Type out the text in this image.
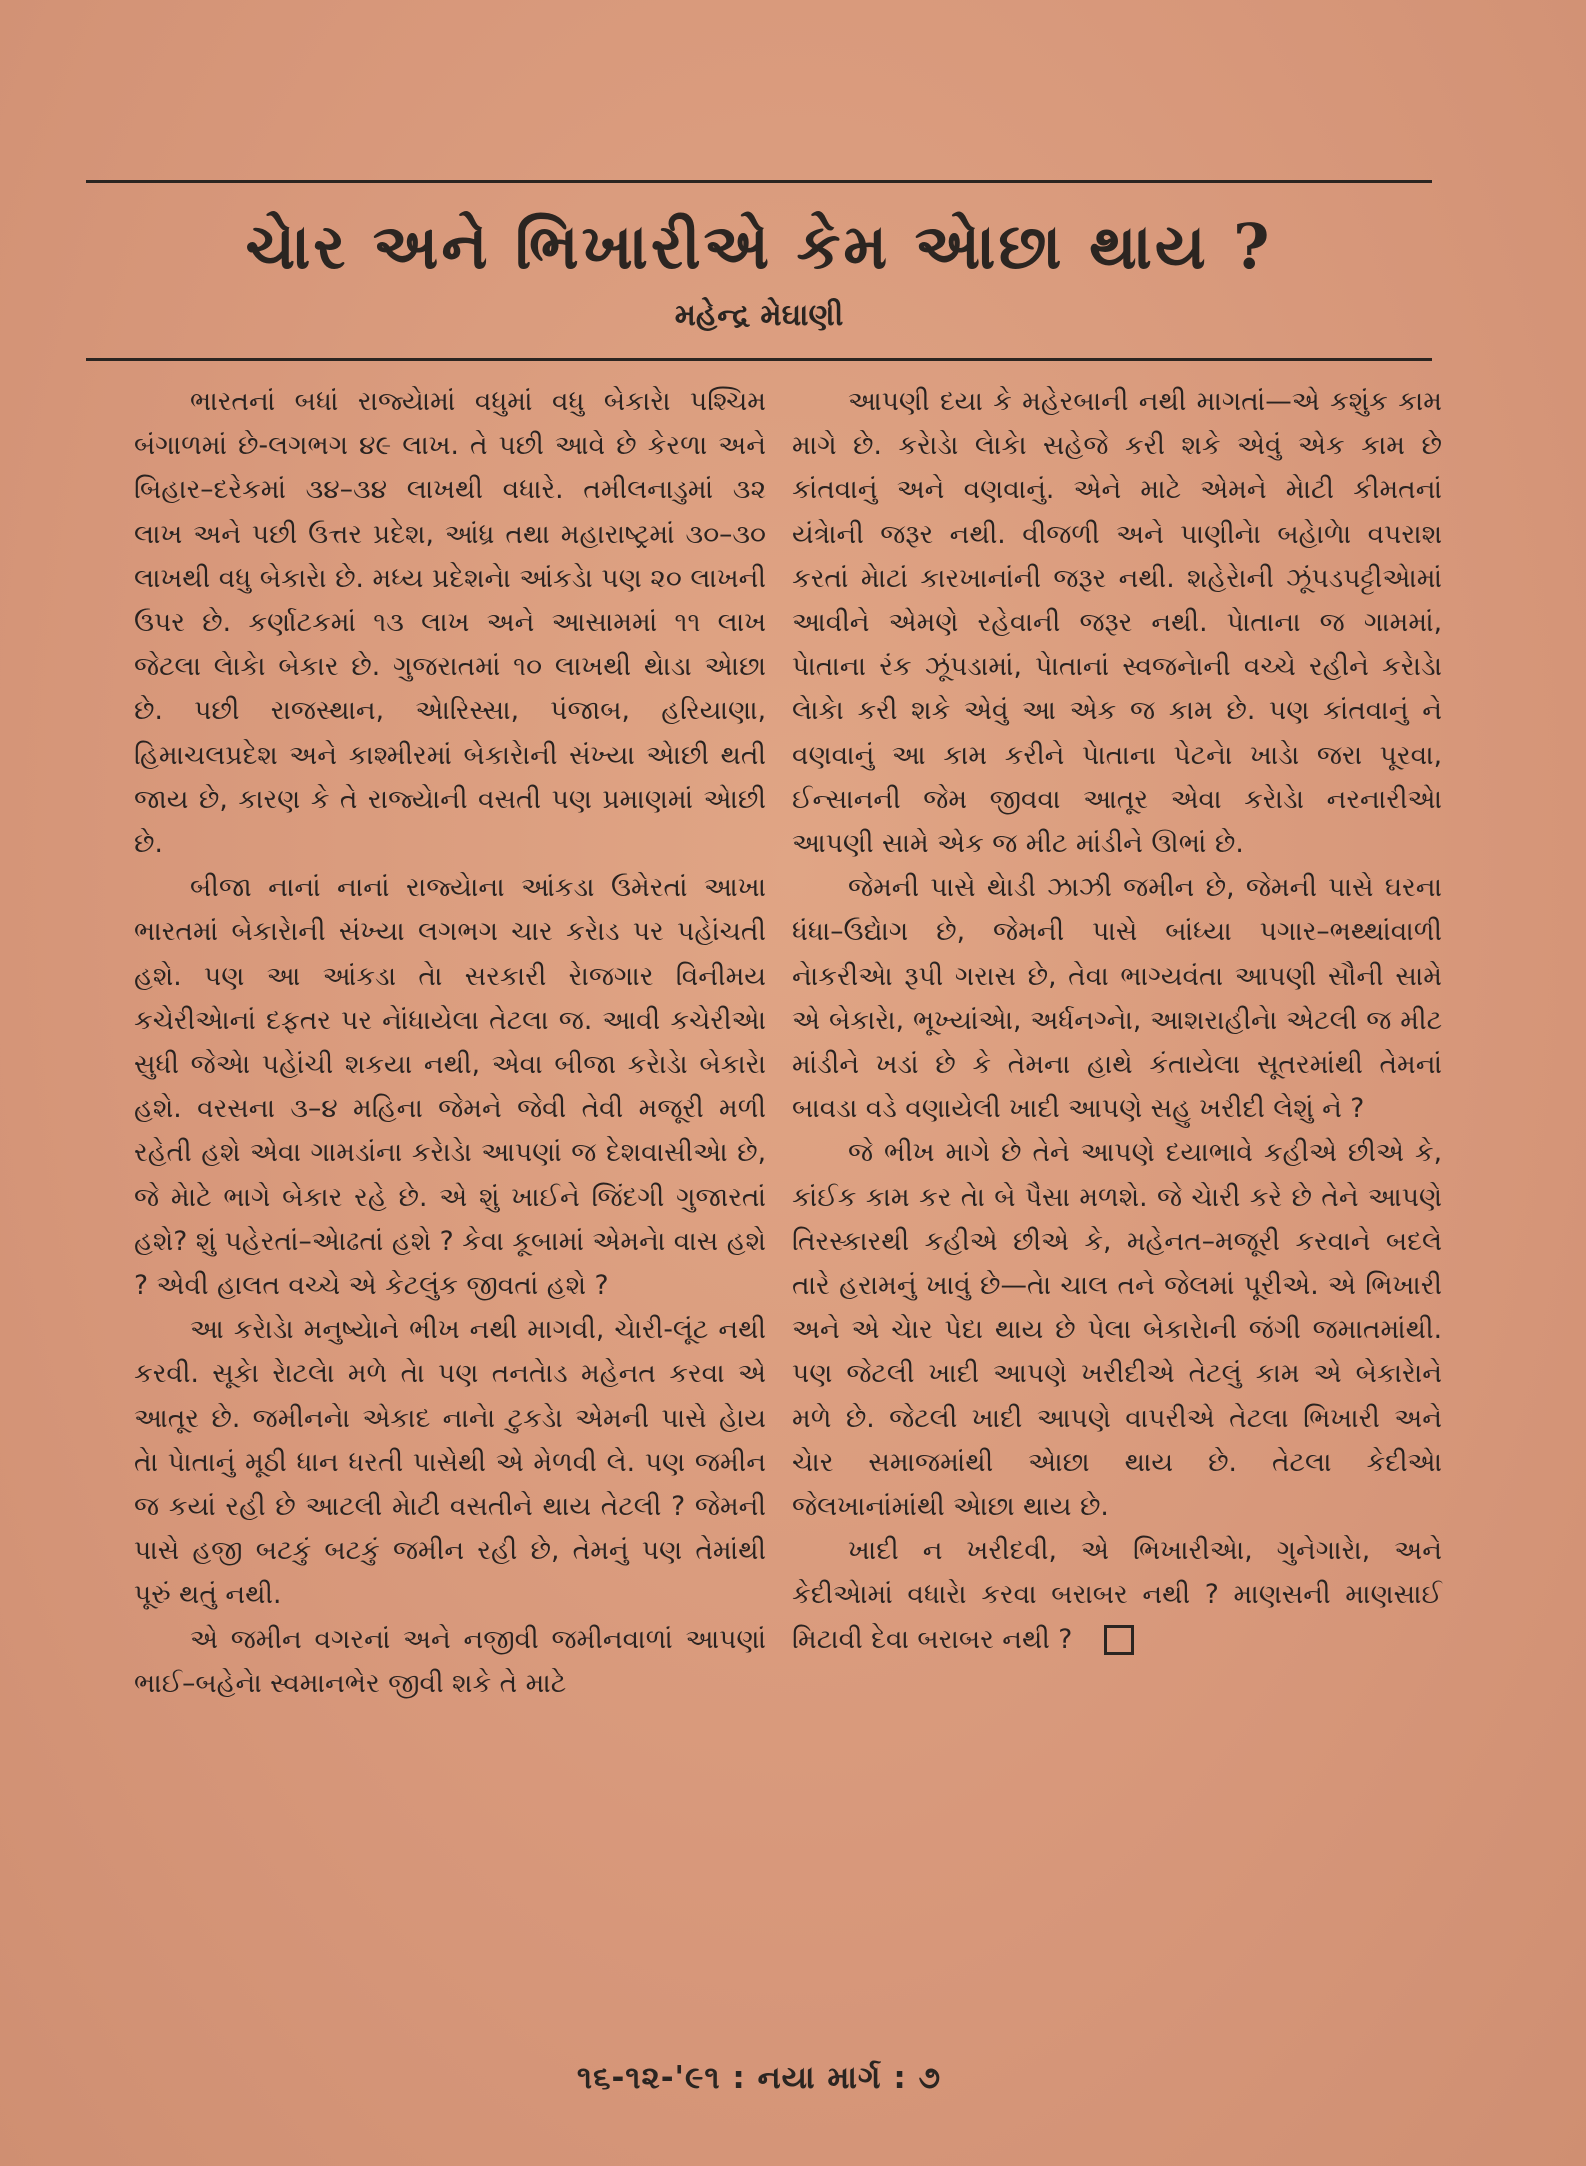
ચેાર અને ભિખારીએ કેમ એાછા થાય ?
મહેન્દ્ર મેઘાણી

ભારતનાં બધાં રાજ્યેામાં વધુમાં વધુ બેકારેા પશ્ચિમ બંગાળમાં છે-લગભગ ૪૯ લાખ. તે પછી આવે છે કેરળા અને બિહાર–દરેકમાં ૩૪–૩૪ લાખથી વધારે. તમીલનાડુમાં ૩૨ લાખ અને પછી ઉત્તર પ્રદેશ, આંધ્ર તથા મહારાષ્ટ્રમાં ૩૦–૩૦ લાખથી વધુ બેકારેા છે. મધ્ય પ્રદેશનેા આંકડેા પણ ૨૦ લાખની ઉપર છે. કર્ણાટકમાં ૧૩ લાખ અને આસામમાં ૧૧ લાખ જેટલા લેાકેા બેકાર છે. ગુજરાતમાં ૧૦ લાખથી થેાડા એાછા છે. પછી રાજસ્થાન, એારિસ્સા, પંજાબ, હરિયાણા, હિમાચલપ્રદેશ અને કાશ્મીરમાં બેકારેાની સંખ્યા એાછી થતી જાય છે, કારણ કે તે રાજ્યેાની વસતી પણ પ્રમાણમાં એાછી છે.

બીજા નાનાં નાનાં રાજ્યેાના આંકડા ઉમેરતાં આખા ભારતમાં બેકારેાની સંખ્યા લગભગ ચાર કરેાડ પર પહેાંચતી હશે. પણ આ આંકડા તેા સરકારી રેાજગાર વિનીમય કચેરીએાનાં દફતર પર નેાંધાયેલા તેટલા જ. આવી કચેરીએા સુધી જેએા પહેાંચી શકયા નથી, એવા બીજા કરેાડેા બેકારેા હશે. વરસના ૩–૪ મહિના જેમને જેવી તેવી મજૂરી મળી રહેતી હશે એવા ગામડાંના કરેાડેા આપણાં જ દેશવાસીએા છે, જે મેાટે ભાગે બેકાર રહે છે. એ શું ખાઈને જિંદગી ગુજારતાં હશે? શું પહેરતાં–એાઢતાં હશે ? કેવા કૂબામાં એમનેા વાસ હશે ? એવી હાલત વચ્ચે એ કેટલુંક જીવતાં હશે ?

આ કરેાડેા મનુષ્યેાને ભીખ નથી માગવી, ચેારી-લૂંટ નથી કરવી. સૂકેા રેાટલેા મળે તેા પણ તનતેાડ મહેનત કરવા એ આતૂર છે. જમીનનેા એકાદ નાનેા ટુકડેા એમની પાસે હેાય તેા પેાતાનું મૂઠી ધાન ધરતી પાસેથી એ મેળવી લે. પણ જમીન જ કયાં રહી છે આટલી મેાટી વસતીને થાય તેટલી ? જેમની પાસે હજી બટકું બટકું જમીન રહી છે, તેમનું પણ તેમાંથી પૂરું થતું નથી.

એ જમીન વગરનાં અને નજીવી જમીનવાળાં આપણાં ભાઈ–બહેનેા સ્વમાનભેર જીવી શકે તે માટે

આપણી દયા કે મહેરબાની નથી માગતાં—એ કશુંક કામ માગે છે. કરેાડેા લેાકેા સહેજે કરી શકે એવું એક કામ છે કાંતવાનું અને વણવાનું. એને માટે એમને મેાટી કીમતનાં યંત્રાેની જરૂર નથી. વીજળી અને પાણીનેા બહેાળેા વપરાશ કરતાં મેાટાં કારખાનાંની જરૂર નથી. શહેરેાની ઝૂંપડપટ્ટીએામાં આવીને એમણે રહેવાની જરૂર નથી. પેાતાના જ ગામમાં, પેાતાના રંક ઝૂંપડામાં, પેાતાનાં સ્વજનેાની વચ્ચે રહીને કરેાડેા લેાકેા કરી શકે એવું આ એક જ કામ છે. પણ કાંતવાનું ને વણવાનું આ કામ કરીને પેાતાના પેટનેા ખાડેા જરા પૂરવા, ઈન્સાનની જેમ જીવવા આતૂર એવા કરેાડેા નરનારીએા આપણી સામે એક જ મીટ માંડીને ઊભાં છે.

જેમની પાસે થેાડી ઝાઝી જમીન છે, જેમની પાસે ઘરના ધંધા–ઉદ્યેાગ છે, જેમની પાસે બાંધ્યા પગાર–ભથ્થાંવાળી નેાકરીએા રૂપી ગરાસ છે, તેવા ભાગ્યવંતા આપણી સૌની સામે એ બેકારેા, ભૂખ્યાંએા, અર્ધનગ્નેા, આશરાહીનેા એટલી જ મીટ માંડીને ખડાં છે કે તેમના હાથે કંતાયેલા સૂતરમાંથી તેમનાં બાવડા વડે વણાયેલી ખાદી આપણે સહુ ખરીદી લેશું ને ?

જે ભીખ માગે છે તેને આપણે દયાભાવે કહીએ છીએ કે, કાંઈક કામ કર તેા બે પૈસા મળશે. જે ચેારી કરે છે તેને આપણે તિરસ્કારથી કહીએ છીએ કે, મહેનત–મજૂરી કરવાને બદલે તારે હરામનું ખાવું છે—તેા ચાલ તને જેલમાં પૂરીએ. એ ભિખારી અને એ ચેાર પેદા થાય છે પેલા બેકારેાની જંગી જમાતમાંથી. પણ જેટલી ખાદી આપણે ખરીદીએ તેટલું કામ એ બેકારેાને મળે છે. જેટલી ખાદી આપણે વાપરીએ તેટલા ભિખારી અને ચેાર સમાજમાંથી એાછા થાય છે. તેટલા કેદીએા જેલખાનાંમાંથી એાછા થાય છે.

ખાદી ન ખરીદવી, એ ભિખારીએા, ગુનેગારેા, અને કેદીએામાં વધારેા કરવા બરાબર નથી ? માણસની માણસાઈ મિટાવી દેવા બરાબર નથી ?

૧૬-૧૨-'૯૧ : નયા માર્ગ : ૭
